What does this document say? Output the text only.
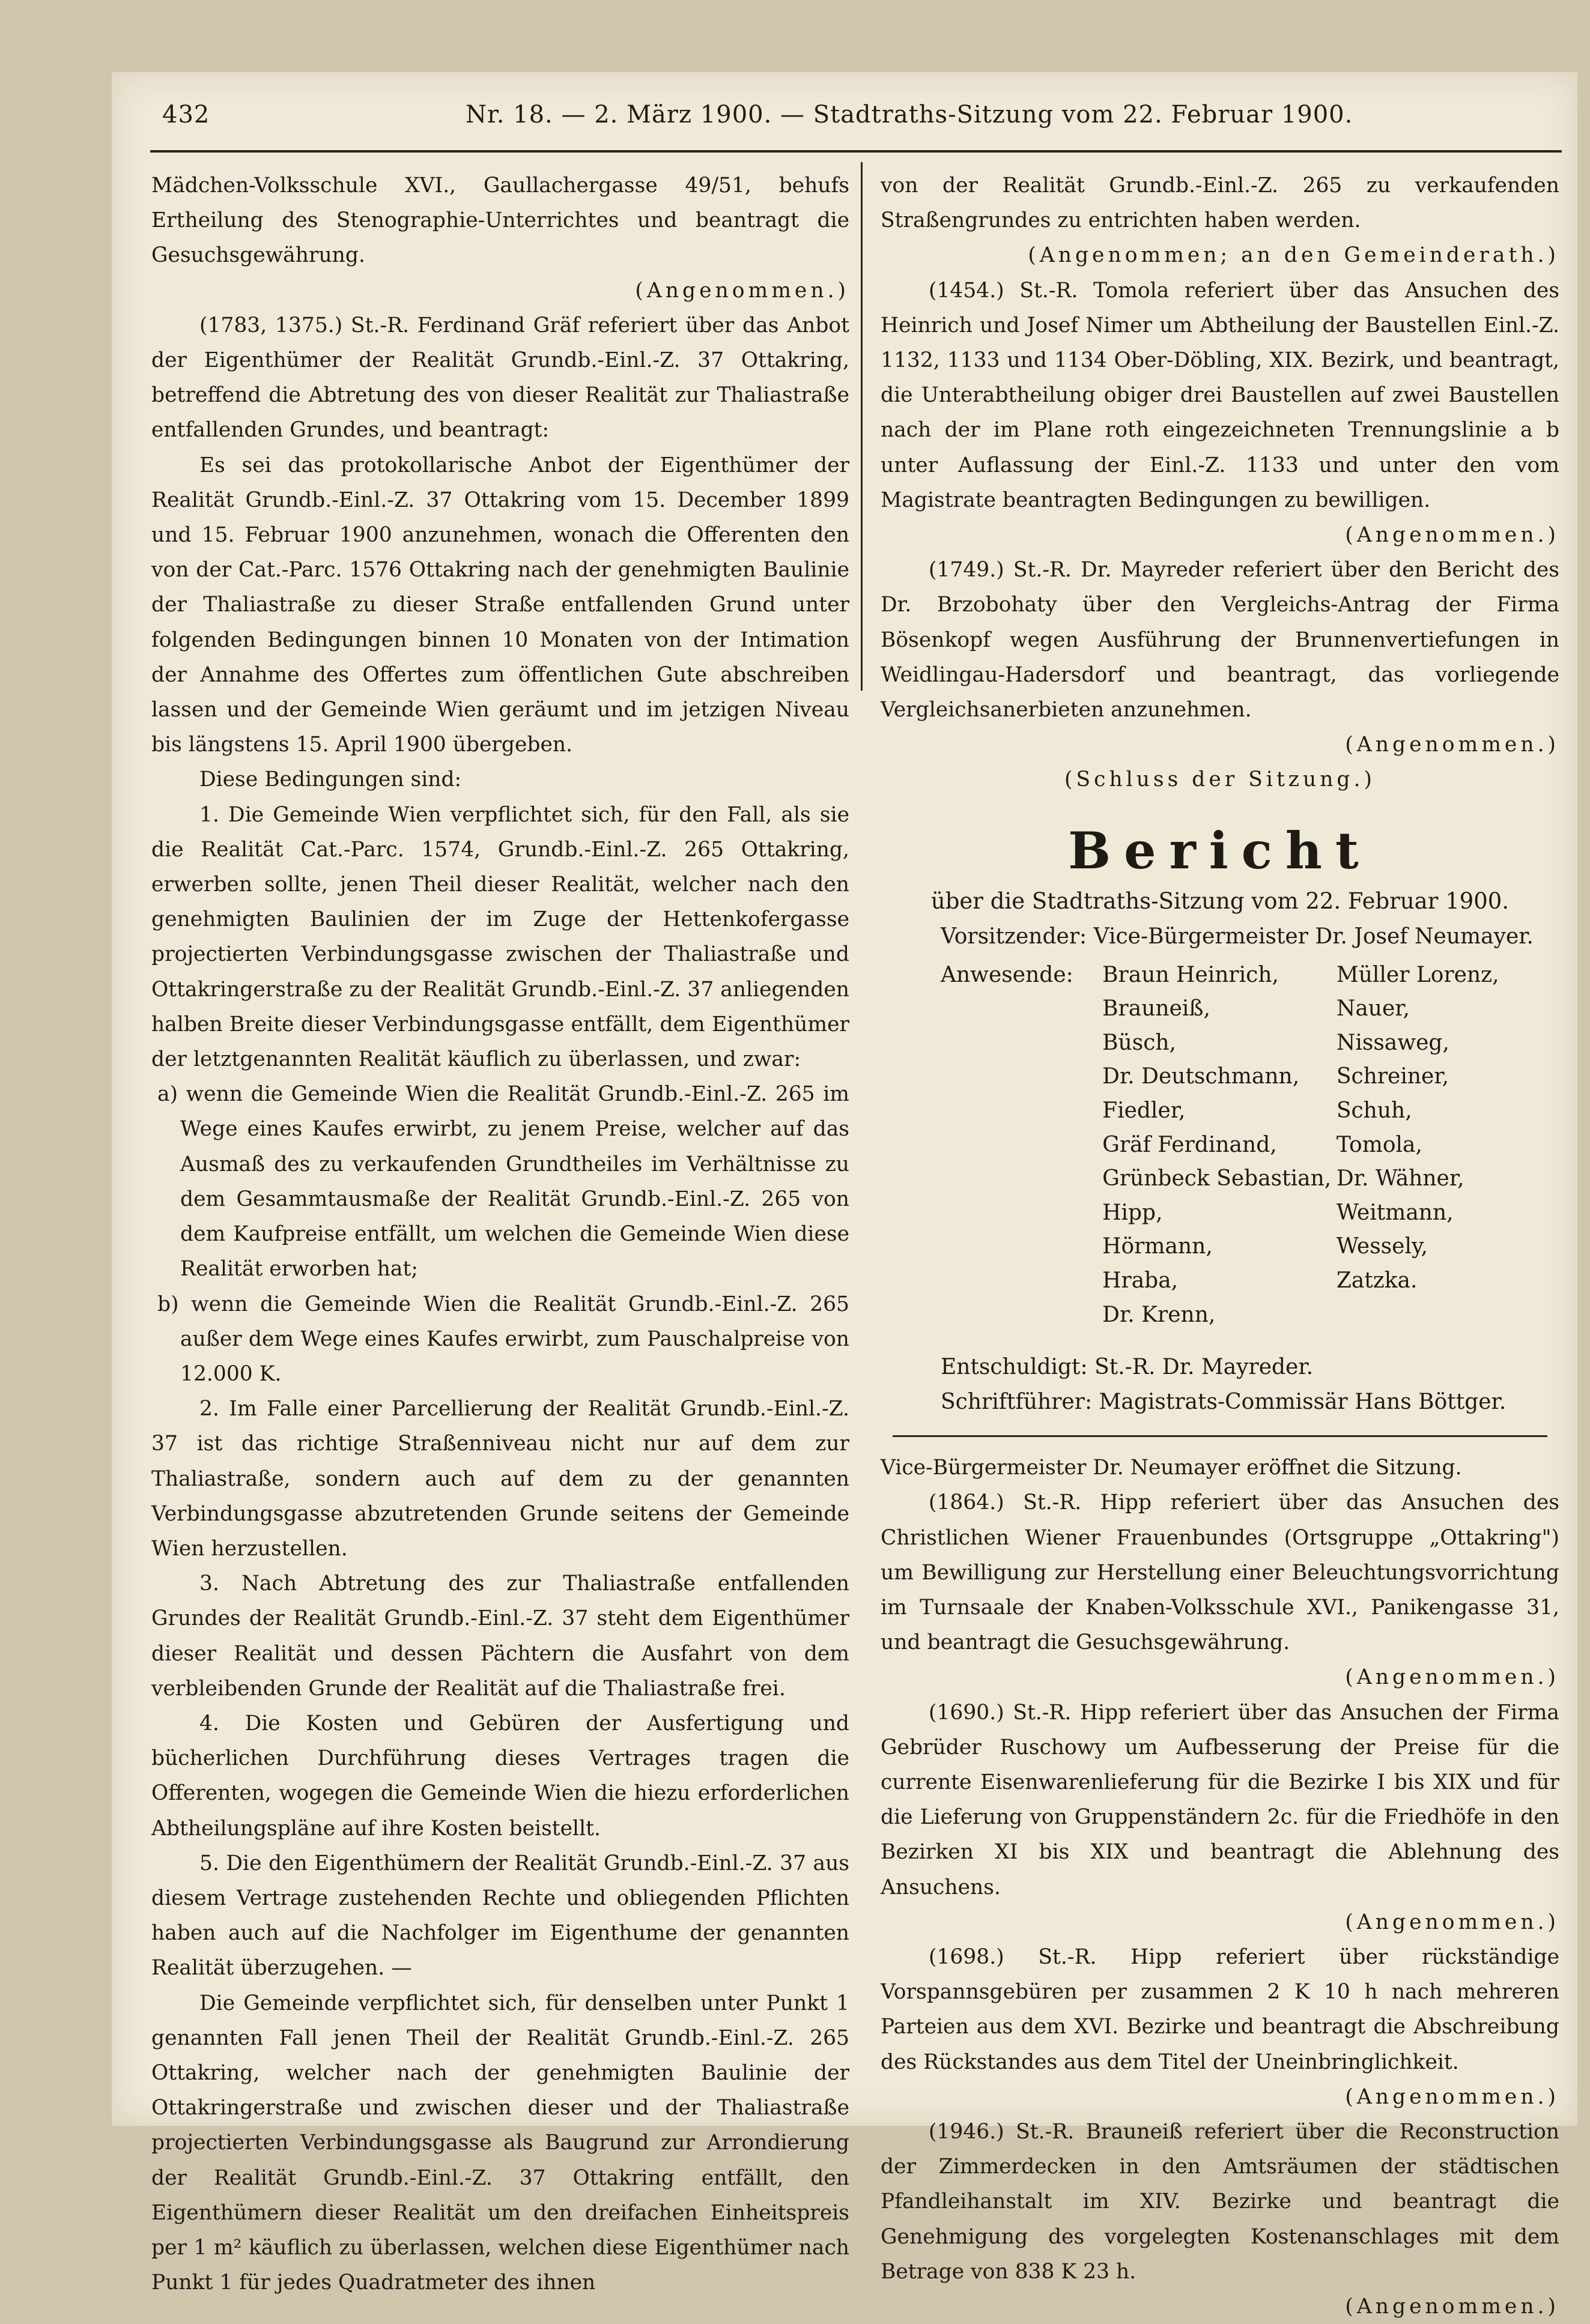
432	Nr. 18. — 2. März 1900. — Stadtraths-Sitzung vom 22. Februar 1900.

Mädchen-Volksschule XVI., Gaullachergasse 49/51, behufs Ertheilung des Stenographie-Unterrichtes und beantragt die Gesuchsgewährung.

(Angenommen.)

(1783, 1375.) St.-R. Ferdinand Gräf referiert über das Anbot der Eigenthümer der Realität Grundb.-Einl.-Z. 37 Ottakring, betreffend die Abtretung des von dieser Realität zur Thaliastraße entfallenden Grundes, und beantragt:

Es sei das protokollarische Anbot der Eigenthümer der Realität Grundb.-Einl.-Z. 37 Ottakring vom 15. December 1899 und 15. Februar 1900 anzunehmen, wonach die Offerenten den von der Cat.-Parc. 1576 Ottakring nach der genehmigten Baulinie der Thaliastraße zu dieser Straße entfallenden Grund unter folgenden Bedingungen binnen 10 Monaten von der Intimation der Annahme des Offertes zum öffentlichen Gute abschreiben lassen und der Gemeinde Wien geräumt und im jetzigen Niveau bis längstens 15. April 1900 übergeben.

Diese Bedingungen sind:

1. Die Gemeinde Wien verpflichtet sich, für den Fall, als sie die Realität Cat.-Parc. 1574, Grundb.-Einl.-Z. 265 Ottakring, erwerben sollte, jenen Theil dieser Realität, welcher nach den genehmigten Baulinien der im Zuge der Hettenkofergasse projectierten Verbindungsgasse zwischen der Thaliastraße und Ottakringerstraße zu der Realität Grundb.-Einl.-Z. 37 anliegenden halben Breite dieser Verbindungsgasse entfällt, dem Eigenthümer der letztgenannten Realität käuflich zu überlassen, und zwar:

a) wenn die Gemeinde Wien die Realität Grundb.-Einl.-Z. 265 im Wege eines Kaufes erwirbt, zu jenem Preise, welcher auf das Ausmaß des zu verkaufenden Grundtheiles im Verhältnisse zu dem Gesammtausmaße der Realität Grundb.-Einl.-Z. 265 von dem Kaufpreise entfällt, um welchen die Gemeinde Wien diese Realität erworben hat;

b) wenn die Gemeinde Wien die Realität Grundb.-Einl.-Z. 265 außer dem Wege eines Kaufes erwirbt, zum Pauschalpreise von 12.000 K.

2. Im Falle einer Parcellierung der Realität Grundb.-Einl.-Z. 37 ist das richtige Straßenniveau nicht nur auf dem zur Thaliastraße, sondern auch auf dem zu der genannten Verbindungsgasse abzutretenden Grunde seitens der Gemeinde Wien herzustellen.

3. Nach Abtretung des zur Thaliastraße entfallenden Grundes der Realität Grundb.-Einl.-Z. 37 steht dem Eigenthümer dieser Realität und dessen Pächtern die Ausfahrt von dem verbleibenden Grunde der Realität auf die Thaliastraße frei.

4. Die Kosten und Gebüren der Ausfertigung und bücherlichen Durchführung dieses Vertrages tragen die Offerenten, wogegen die Gemeinde Wien die hiezu erforderlichen Abtheilungspläne auf ihre Kosten beistellt.

5. Die den Eigenthümern der Realität Grundb.-Einl.-Z. 37 aus diesem Vertrage zustehenden Rechte und obliegenden Pflichten haben auch auf die Nachfolger im Eigenthume der genannten Realität überzugehen. —

Die Gemeinde verpflichtet sich, für denselben unter Punkt 1 genannten Fall jenen Theil der Realität Grundb.-Einl.-Z. 265 Ottakring, welcher nach der genehmigten Baulinie der Ottakringerstraße und zwischen dieser und der Thaliastraße projectierten Verbindungsgasse als Baugrund zur Arrondierung der Realität Grundb.-Einl.-Z. 37 Ottakring entfällt, den Eigenthümern dieser Realität um den dreifachen Einheitspreis per 1 m² käuflich zu überlassen, welchen diese Eigenthümer nach Punkt 1 für jedes Quadratmeter des ihnen

von der Realität Grundb.-Einl.-Z. 265 zu verkaufenden Straßengrundes zu entrichten haben werden.

(Angenommen; an den Gemeinderath.)

(1454.) St.-R. Tomola referiert über das Ansuchen des Heinrich und Josef Nimer um Abtheilung der Baustellen Einl.-Z. 1132, 1133 und 1134 Ober-Döbling, XIX. Bezirk, und beantragt, die Unterabtheilung obiger drei Baustellen auf zwei Baustellen nach der im Plane roth eingezeichneten Trennungslinie a b unter Auflassung der Einl.-Z. 1133 und unter den vom Magistrate beantragten Bedingungen zu bewilligen.

(Angenommen.)

(1749.) St.-R. Dr. Mayreder referiert über den Bericht des Dr. Brzobohaty über den Vergleichs-Antrag der Firma Bösenkopf wegen Ausführung der Brunnenvertiefungen in Weidlingau-Hadersdorf und beantragt, das vorliegende Vergleichsanerbieten anzunehmen.

(Angenommen.)

(Schluss der Sitzung.)

Bericht
über die Stadtraths-Sitzung vom 22. Februar 1900.
Vorsitzender: Vice-Bürgermeister Dr. Josef Neumayer.
Anwesende:	Braun Heinrich,
Brauneiß,
Büsch,
Dr. Deutschmann,
Fiedler,
Gräf Ferdinand,
Grünbeck Sebastian,
Hipp,
Hörmann,
Hraba,
Dr. Krenn,
Müller Lorenz,
Nauer,
Nissaweg,
Schreiner,
Schuh,
Tomola,
Dr. Wähner,
Weitmann,
Wessely,
Zatzka.
Entschuldigt: St.-R. Dr. Mayreder.
Schriftführer: Magistrats-Commissär Hans Böttger.

Vice-Bürgermeister Dr. Neumayer eröffnet die Sitzung.

(1864.) St.-R. Hipp referiert über das Ansuchen des Christlichen Wiener Frauenbundes (Ortsgruppe „Ottakring") um Bewilligung zur Herstellung einer Beleuchtungsvorrichtung im Turnsaale der Knaben-Volksschule XVI., Panikengasse 31, und beantragt die Gesuchsgewährung.

(Angenommen.)

(1690.) St.-R. Hipp referiert über das Ansuchen der Firma Gebrüder Ruschowy um Aufbesserung der Preise für die currente Eisenwarenlieferung für die Bezirke I bis XIX und für die Lieferung von Gruppenständern 2c. für die Friedhöfe in den Bezirken XI bis XIX und beantragt die Ablehnung des Ansuchens.

(Angenommen.)

(1698.) St.-R. Hipp referiert über rückständige Vorspannsgebüren per zusammen 2 K 10 h nach mehreren Parteien aus dem XVI. Bezirke und beantragt die Abschreibung des Rückstandes aus dem Titel der Uneinbringlichkeit.

(Angenommen.)

(1946.) St.-R. Brauneiß referiert über die Reconstruction der Zimmerdecken in den Amtsräumen der städtischen Pfandleihanstalt im XIV. Bezirke und beantragt die Genehmigung des vorgelegten Kostenanschlages mit dem Betrage von 838 K 23 h.

(Angenommen.)
